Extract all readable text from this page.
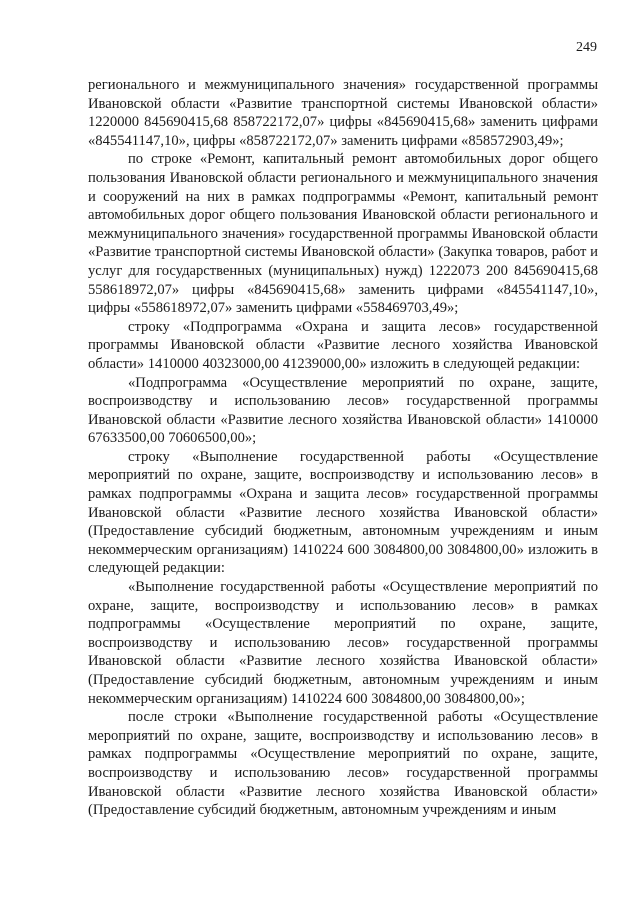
249

регионального и межмуниципального значения» государственной программы Ивановской области «Развитие транспортной системы Ивановской области» 1220000 845690415,68 858722172,07» цифры «845690415,68» заменить цифрами «845541147,10», цифры «858722172,07» заменить цифрами «858572903,49»;

по строке «Ремонт, капитальный ремонт автомобильных дорог общего пользования Ивановской области регионального и межмуниципального значения и сооружений на них в рамках подпрограммы «Ремонт, капитальный ремонт автомобильных дорог общего пользования Ивановской области регионального и межмуниципального значения» государственной программы Ивановской области «Развитие транспортной системы Ивановской области» (Закупка товаров, работ и услуг для государственных (муниципальных) нужд) 1222073 200 845690415,68 558618972,07» цифры «845690415,68» заменить цифрами «845541147,10», цифры «558618972,07» заменить цифрами «558469703,49»;

строку «Подпрограмма «Охрана и защита лесов» государственной программы Ивановской области «Развитие лесного хозяйства Ивановской области» 1410000 40323000,00 41239000,00» изложить в следующей редакции:

«Подпрограмма «Осуществление мероприятий по охране, защите, воспроизводству и использованию лесов» государственной программы Ивановской области «Развитие лесного хозяйства Ивановской области» 1410000 67633500,00 70606500,00»;

строку «Выполнение государственной работы «Осуществление мероприятий по охране, защите, воспроизводству и использованию лесов» в рамках подпрограммы «Охрана и защита лесов» государственной программы Ивановской области «Развитие лесного хозяйства Ивановской области» (Предоставление субсидий бюджетным, автономным учреждениям и иным некоммерческим организациям) 1410224 600 3084800,00 3084800,00» изложить в следующей редакции:

«Выполнение государственной работы «Осуществление мероприятий по охране, защите, воспроизводству и использованию лесов» в рамках подпрограммы «Осуществление мероприятий по охране, защите, воспроизводству и использованию лесов» государственной программы Ивановской области «Развитие лесного хозяйства Ивановской области» (Предоставление субсидий бюджетным, автономным учреждениям и иным некоммерческим организациям) 1410224 600 3084800,00 3084800,00»;

после строки «Выполнение государственной работы «Осуществление мероприятий по охране, защите, воспроизводству и использованию лесов» в рамках подпрограммы «Осуществление мероприятий по охране, защите, воспроизводству и использованию лесов» государственной программы Ивановской области «Развитие лесного хозяйства Ивановской области» (Предоставление субсидий бюджетным, автономным учреждениям и иным
